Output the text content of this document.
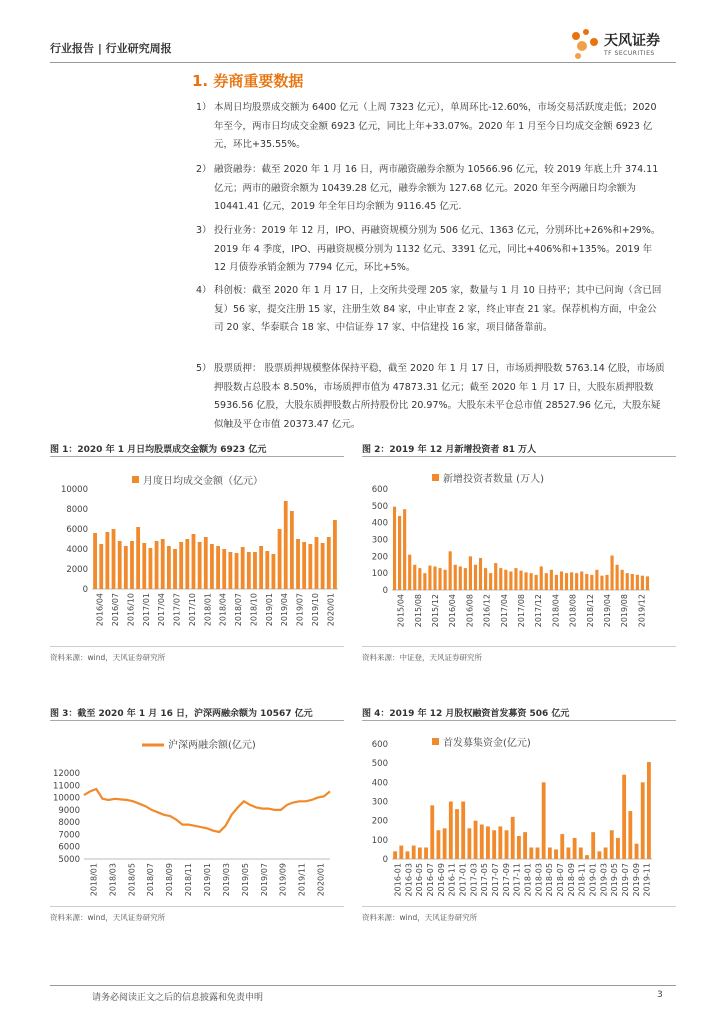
行业报告 | 行业研究周报	天风证券
TF SECURITIES
1. 券商重要数据
1） 本周日均股票成交额为 6400 亿元（上周 7323 亿元），单周环比-12.60%，市场交易活跃度走低；2020 年至今，两市日均成交金额 6923 亿元，同比上年+33.07%。2020 年 1 月至今日均成交金额 6923 亿元，环比+35.55%。
2） 融资融券：截至 2020 年 1 月 16 日，两市融资融券余额为 10566.96 亿元，较 2019 年底上升 374.11 亿元；两市的融资余额为 10439.28 亿元，融券余额为 127.68 亿元。2020 年至今两融日均余额为 10441.41 亿元，2019 年全年日均余额为 9116.45 亿元.
3） 投行业务：2019 年 12 月，IPO、再融资规模分别为 506 亿元、1363 亿元，分别环比+26%和+29%。2019 年 4 季度，IPO、再融资规模分别为 1132 亿元、3391 亿元，同比+406%和+135%。2019 年 12 月债券承销金额为 7794 亿元，环比+5%。
4） 科创板：截至 2020 年 1 月 17 日，上交所共受理 205 家，数量与 1 月 10 日持平；其中已问询（含已回复）56 家，提交注册 15 家，注册生效 84 家，中止审查 2 家，终止审查 21 家。保荐机构方面，中金公司 20 家、华泰联合 18 家、中信证券 17 家、中信建投 16 家，项目储备靠前。
5） 股票质押： 股票质押规模整体保持平稳，截至 2020 年 1 月 17 日，市场质押股数 5763.14 亿股，市场质押股数占总股本 8.50%，市场质押市值为 47873.31 亿元；截至 2020 年 1 月 17 日，大股东质押股数 5936.56 亿股，大股东质押股数占所持股份比 20.97%。大股东未平仓总市值 28527.96 亿元，大股东疑似触及平仓市值 20373.47 亿元。
图 1：2020 年 1 月日均股票成交金额为 6923 亿元
月度日均成交金额（亿元）
0
2000
4000
6000
8000
10000
2016/04 2016/07 2016/10 2017/01 2017/04 2017/07 2017/10 2018/01 2018/04 2018/07 2018/10 2019/01 2019/04 2019/07 2019/10 2020/01
资料来源：wind，天风证券研究所
图 2：2019 年 12 月新增投资者 81 万人
新增投资者数量 (万人)
0
100
200
300
400
500
600
2015/04 2015/08 2015/12 2016/04 2016/08 2016/12 2017/04 2017/08 2017/12 2018/04 2018/08 2018/12 2019/04 2019/08 2019/12
资料来源：中证登，天风证券研究所
图 3：截至 2020 年 1 月 16 日，沪深两融余额为 10567 亿元
沪深两融余额(亿元)
5000
6000
7000
8000
9000
10000
11000
12000
2018/01 2018/03 2018/05 2018/07 2018/09 2018/11 2019/01 2019/03 2019/05 2019/07 2019/09 2019/11 2020/01
资料来源：wind，天风证券研究所
图 4：2019 年 12 月股权融资首发募资 506 亿元
首发募集资金(亿元)
0
100
200
300
400
500
600
2016-01 2016-03 2016-05 2016-07 2016-09 2016-11 2017-01 2017-03 2017-05 2017-07 2017-09 2017-11 2018-01 2018-03 2018-05 2018-07 2018-09 2018-11 2019-01 2019-03 2019-05 2019-07 2019-09 2019-11
资料来源：wind，天风证券研究所
请务必阅读正文之后的信息披露和免责申明	3
